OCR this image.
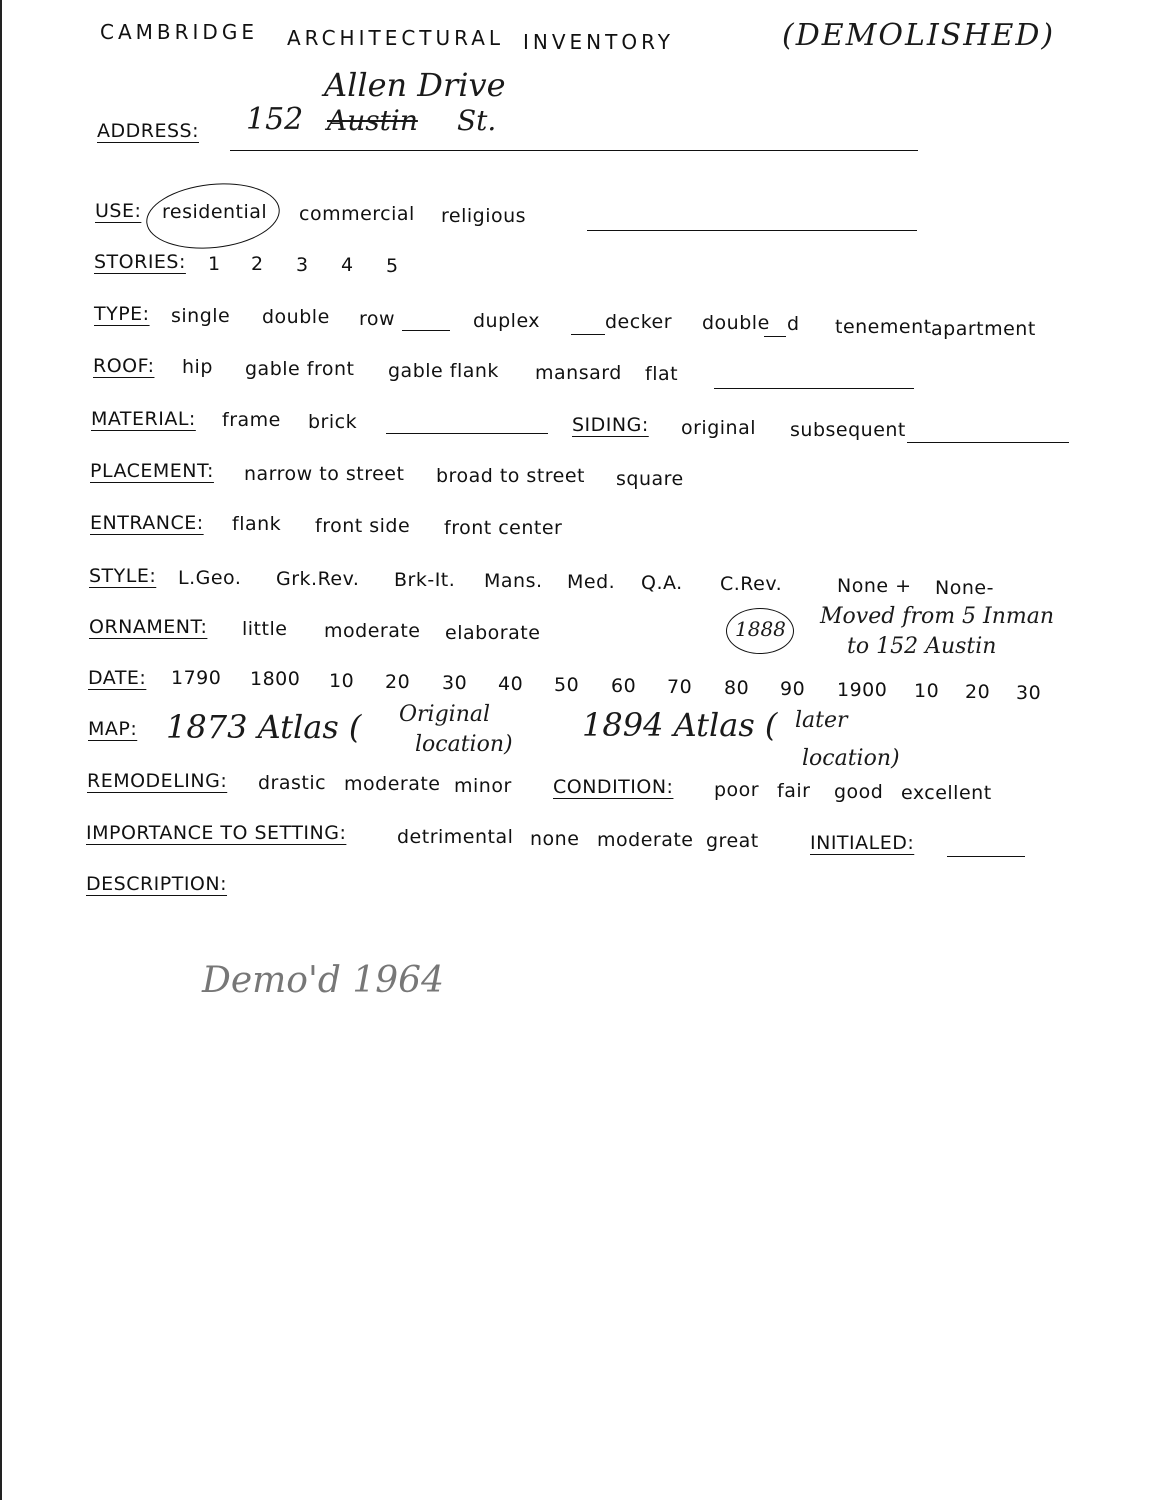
CAMBRIDGE ARCHITECTURAL INVENTORY	(DEMOLISHED)
ADDRESS:
Allen Drive
152 Austin St.
USE: residential commercial religious
STORIES: 1 2 3 4 5
TYPE: single double row	duplex	decker double d tenement apartment
ROOF: hip gable front gable flank mansard flat
MATERIAL: frame brick	SIDING: original subsequent
PLACEMENT: narrow to street broad to street square
ENTRANCE: flank front side front center
STYLE: L.Geo. Grk.Rev. Brk-It. Mans. Med. Q.A. C.Rev.	None + None-
ORNAMENT: little moderate elaborate	1888 Moved from 5 Inman
to 152 Austin
DATE: 1790 1800 10 20 30 40 50 60 70 80 90 1900 10 20 30
MAP: 1873 Atlas ( Original
location)
1894 Atlas ( later
location)
REMODELING: drastic moderate minor CONDITION: poor fair good excellent
IMPORTANCE TO SETTING:	detrimental none moderate great	INITIALED:
DESCRIPTION:
Demo'd 1964
